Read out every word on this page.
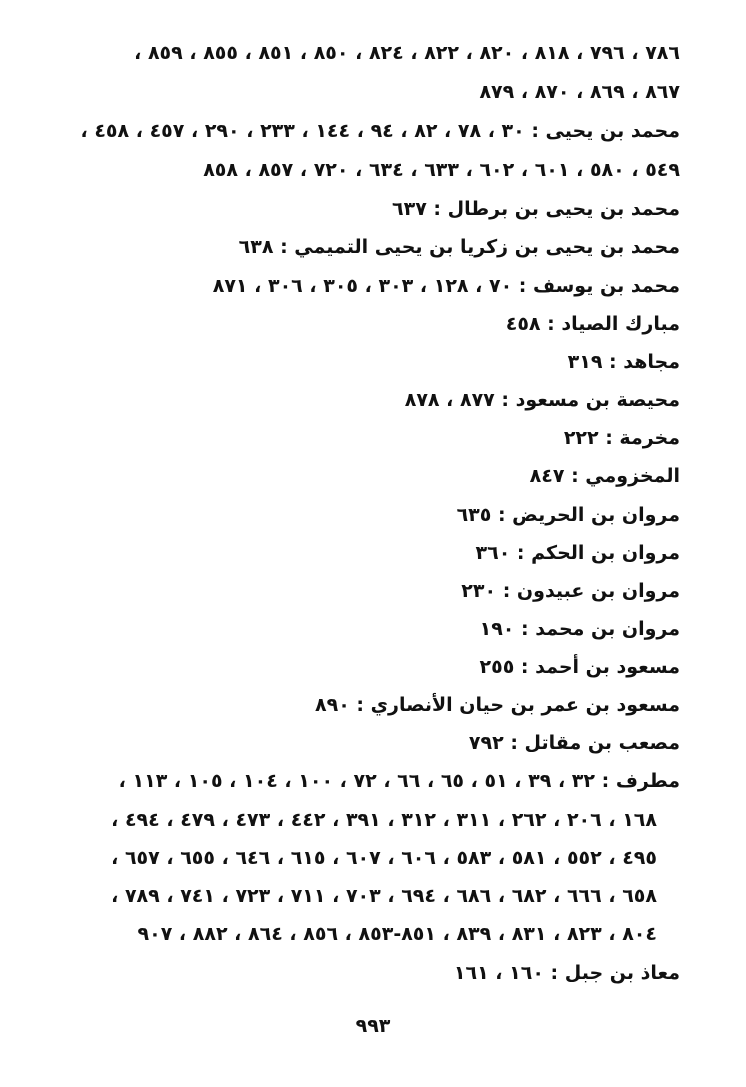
٧٨٦ ، ٧٩٦ ، ٨١٨ ، ٨٢٠ ، ٨٢٢ ، ٨٢٤ ، ٨٥٠ ، ٨٥١ ، ٨٥٥ ، ٨٥٩ ،
٨٦٧ ، ٨٦٩ ، ٨٧٠ ، ٨٧٩
محمد بن يحيى : ٣٠ ، ٧٨ ، ٨٢ ، ٩٤ ، ١٤٤ ، ٢٣٣ ، ٢٩٠ ، ٤٥٧ ، ٤٥٨ ،
٥٤٩ ، ٥٨٠ ، ٦٠١ ، ٦٠٢ ، ٦٣٣ ، ٦٣٤ ، ٧٢٠ ، ٨٥٧ ، ٨٥٨
محمد بن يحيى بن برطال : ٦٣٧
محمد بن يحيى بن زكريا بن يحيى التميمي : ٦٣٨
محمد بن يوسف : ٧٠ ، ١٢٨ ، ٣٠٣ ، ٣٠٥ ، ٣٠٦ ، ٨٧١
مبارك الصياد : ٤٥٨
مجاهد : ٣١٩
محيصة بن مسعود : ٨٧٧ ، ٨٧٨
مخرمة : ٢٢٢
المخزومي : ٨٤٧
مروان بن الحريض : ٦٣٥
مروان بن الحكم : ٣٦٠
مروان بن عبيدون : ٢٣٠
مروان بن محمد : ١٩٠
مسعود بن أحمد : ٢٥٥
مسعود بن عمر بن حيان الأنصاري : ٨٩٠
مصعب بن مقاتل : ٧٩٢
مطرف : ٣٢ ، ٣٩ ، ٥١ ، ٦٥ ، ٦٦ ، ٧٢ ، ١٠٠ ، ١٠٤ ، ١٠٥ ، ١١٣ ،
١٦٨ ، ٢٠٦ ، ٢٦٢ ، ٣١١ ، ٣١٢ ، ٣٩١ ، ٤٤٢ ، ٤٧٣ ، ٤٧٩ ، ٤٩٤ ،
٤٩٥ ، ٥٥٢ ، ٥٨١ ، ٥٨٣ ، ٦٠٦ ، ٦٠٧ ، ٦١٥ ، ٦٤٦ ، ٦٥٥ ، ٦٥٧ ،
٦٥٨ ، ٦٦٦ ، ٦٨٢ ، ٦٨٦ ، ٦٩٤ ، ٧٠٣ ، ٧١١ ، ٧٢٣ ، ٧٤١ ، ٧٨٩ ،
٨٠٤ ، ٨٢٣ ، ٨٣١ ، ٨٣٩ ، ٨٥١-٨٥٣ ، ٨٥٦ ، ٨٦٤ ، ٨٨٢ ، ٩٠٧
معاذ بن جبل : ١٦٠ ، ١٦١
٩٩٣
